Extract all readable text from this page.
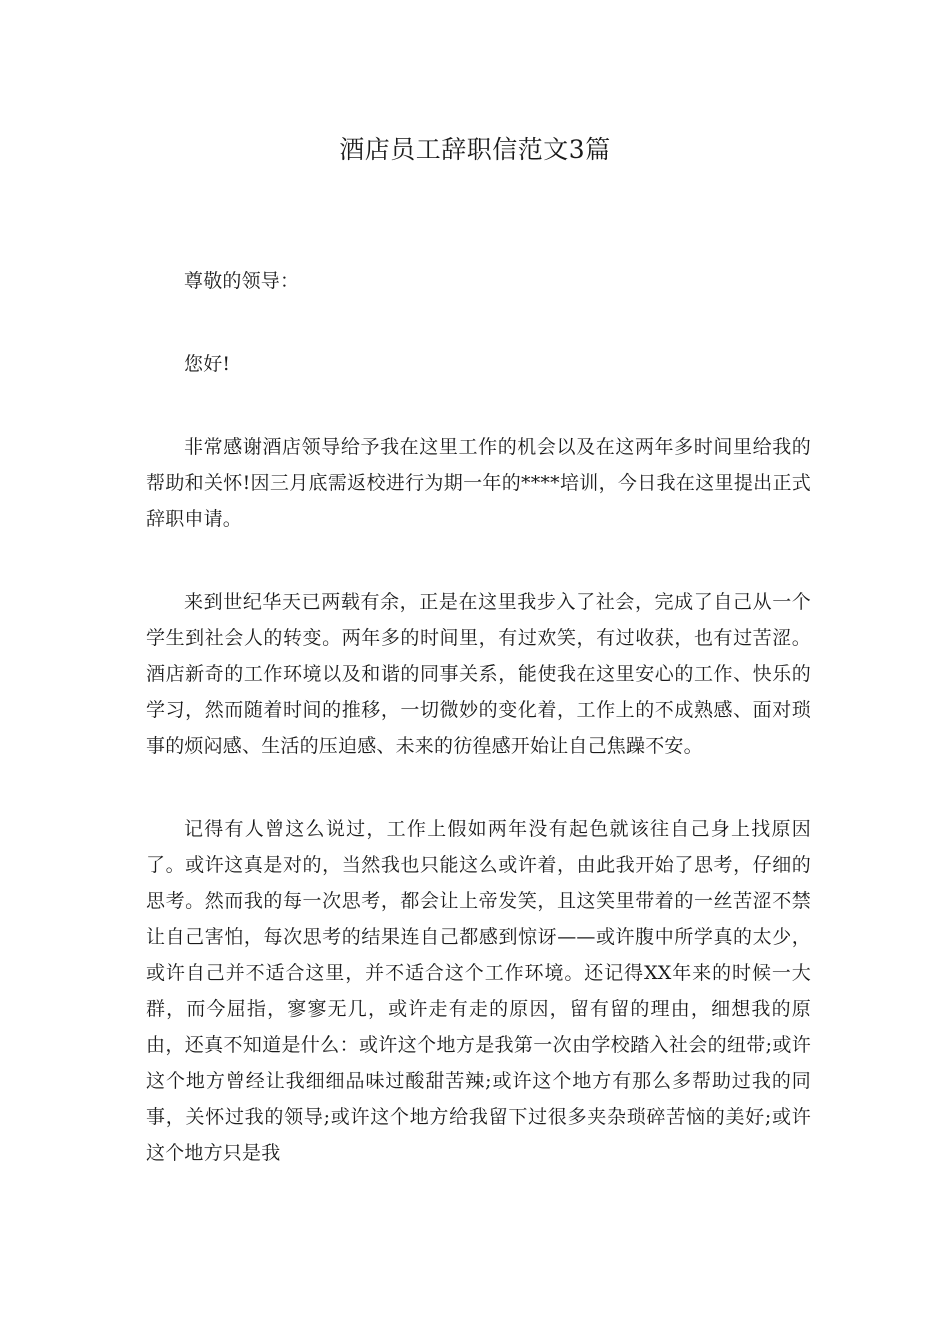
酒店员工辞职信范文3篇

尊敬的领导：

您好!

非常感谢酒店领导给予我在这里工作的机会以及在这两年多时间里给我的帮助和关怀!因三月底需返校进行为期一年的****培训，今日我在这里提出正式辞职申请。

来到世纪华天已两载有余，正是在这里我步入了社会，完成了自己从一个学生到社会人的转变。两年多的时间里，有过欢笑，有过收获，也有过苦涩。酒店新奇的工作环境以及和谐的同事关系，能使我在这里安心的工作、快乐的学习，然而随着时间的推移，一切微妙的变化着，工作上的不成熟感、面对琐事的烦闷感、生活的压迫感、未来的彷徨感开始让自己焦躁不安。

记得有人曾这么说过，工作上假如两年没有起色就该往自己身上找原因了。或许这真是对的，当然我也只能这么或许着，由此我开始了思考，仔细的思考。然而我的每一次思考，都会让上帝发笑，且这笑里带着的一丝苦涩不禁让自己害怕，每次思考的结果连自己都感到惊讶——或许腹中所学真的太少，或许自己并不适合这里，并不适合这个工作环境。还记得XX年来的时候一大群，而今屈指，寥寥无几，或许走有走的原因，留有留的理由，细想我的原由，还真不知道是什么：或许这个地方是我第一次由学校踏入社会的纽带;或许这个地方曾经让我细细品味过酸甜苦辣;或许这个地方有那么多帮助过我的同事，关怀过我的领导;或许这个地方给我留下过很多夹杂琐碎苦恼的美好;或许这个地方只是我
